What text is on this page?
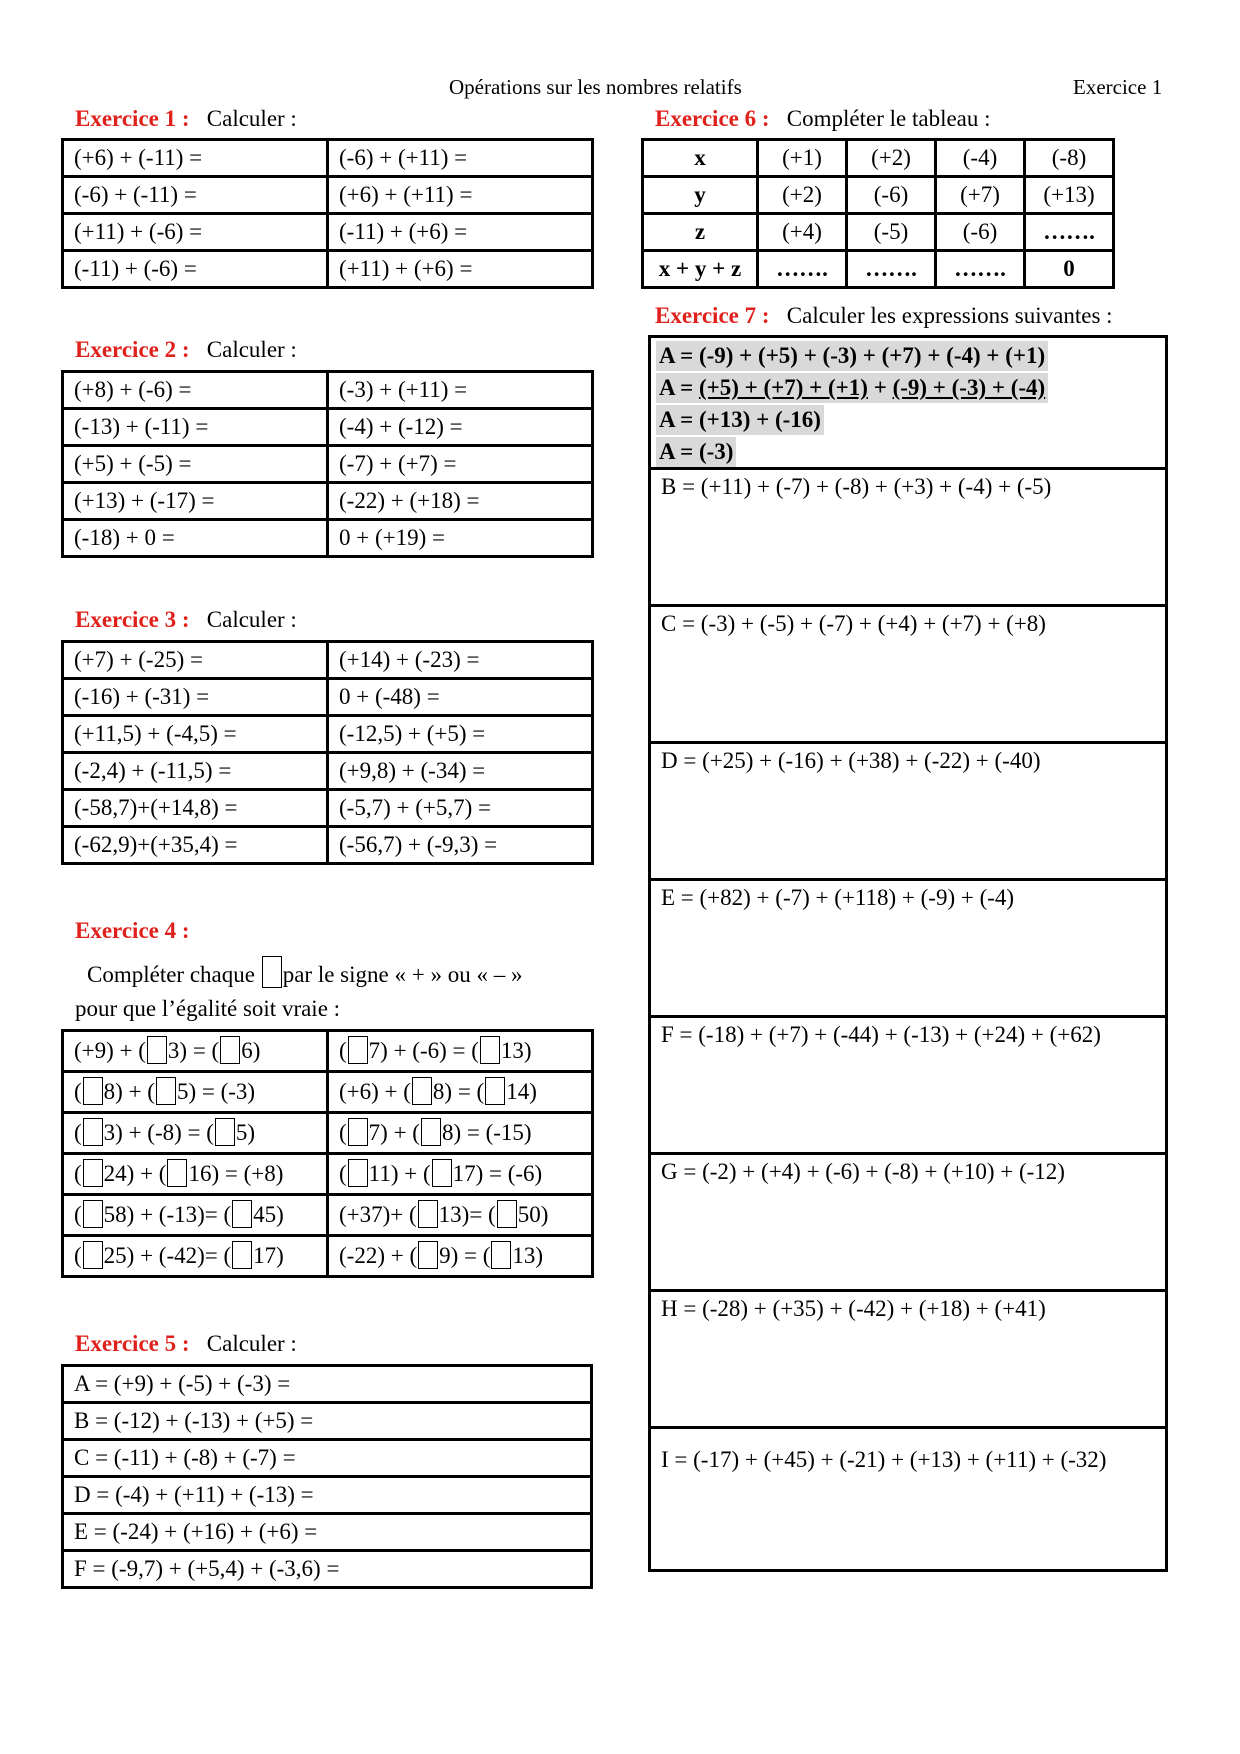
Opérations sur les nombres relatifs	Exercice 1
Exercice 1 : Calculer :
(+6) + (-11) =	(-6) + (+11) =
(-6) + (-11) =	(+6) + (+11) =
(+11) + (-6) =	(-11) + (+6) =
(-11) + (-6) =	(+11) + (+6) =
Exercice 2 : Calculer :
(+8) + (-6) =	(-3) + (+11) =
(-13) + (-11) =	(-4) + (-12) =
(+5) + (-5) =	(-7) + (+7) =
(+13) + (-17) =	(-22) + (+18) =
(-18) + 0 =	0 + (+19) =
Exercice 3 : Calculer :
(+7) + (-25) =	(+14) + (-23) =
(-16) + (-31) =	0 + (-48) =
(+11,5) + (-4,5) =	(-12,5) + (+5) =
(-2,4) + (-11,5) =	(+9,8) + (-34) =
(-58,7)+(+14,8) =	(-5,7) + (+5,7) =
(-62,9)+(+35,4) =	(-56,7) + (-9,3) =
Exercice 4 :
Compléter chaque par le signe « + » ou « – »
pour que l’égalité soit vraie :
(+9) + ( 3) = ( 6)	( 7) + (-6) = ( 13)
( 8) + ( 5) = (-3)	(+6) + ( 8) = ( 14)
( 3) + (-8) = ( 5)	( 7) + ( 8) = (-15)
( 24) + ( 16) = (+8)	( 11) + ( 17) = (-6)
( 58) + (-13)= ( 45)	(+37)+ ( 13)= ( 50)
( 25) + (-42)= ( 17)	(-22) + ( 9) = ( 13)
Exercice 5 : Calculer :
A = (+9) + (-5) + (-3) =
B = (-12) + (-13) + (+5) =
C = (-11) + (-8) + (-7) =
D = (-4) + (+11) + (-13) =
E = (-24) + (+16) + (+6) =
F = (-9,7) + (+5,4) + (-3,6) =
Exercice 6 : Compléter le tableau :
x	(+1)	(+2)	(-4)	(-8)
y	(+2)	(-6)	(+7)	(+13)
z	(+4)	(-5)	(-6)	…….
x + y + z	…….	…….	…….	0
Exercice 7 : Calculer les expressions suivantes :
A = (-9) + (+5) + (-3) + (+7) + (-4) + (+1)
A = (+5) + (+7) + (+1) + (-9) + (-3) + (-4)
A = (+13) + (-16)
A = (-3)
B = (+11) + (-7) + (-8) + (+3) + (-4) + (-5)
C = (-3) + (-5) + (-7) + (+4) + (+7) + (+8)
D = (+25) + (-16) + (+38) + (-22) + (-40)
E = (+82) + (-7) + (+118) + (-9) + (-4)
F = (-18) + (+7) + (-44) + (-13) + (+24) + (+62)
G = (-2) + (+4) + (-6) + (-8) + (+10) + (-12)
H = (-28) + (+35) + (-42) + (+18) + (+41)
I = (-17) + (+45) + (-21) + (+13) + (+11) + (-32)
